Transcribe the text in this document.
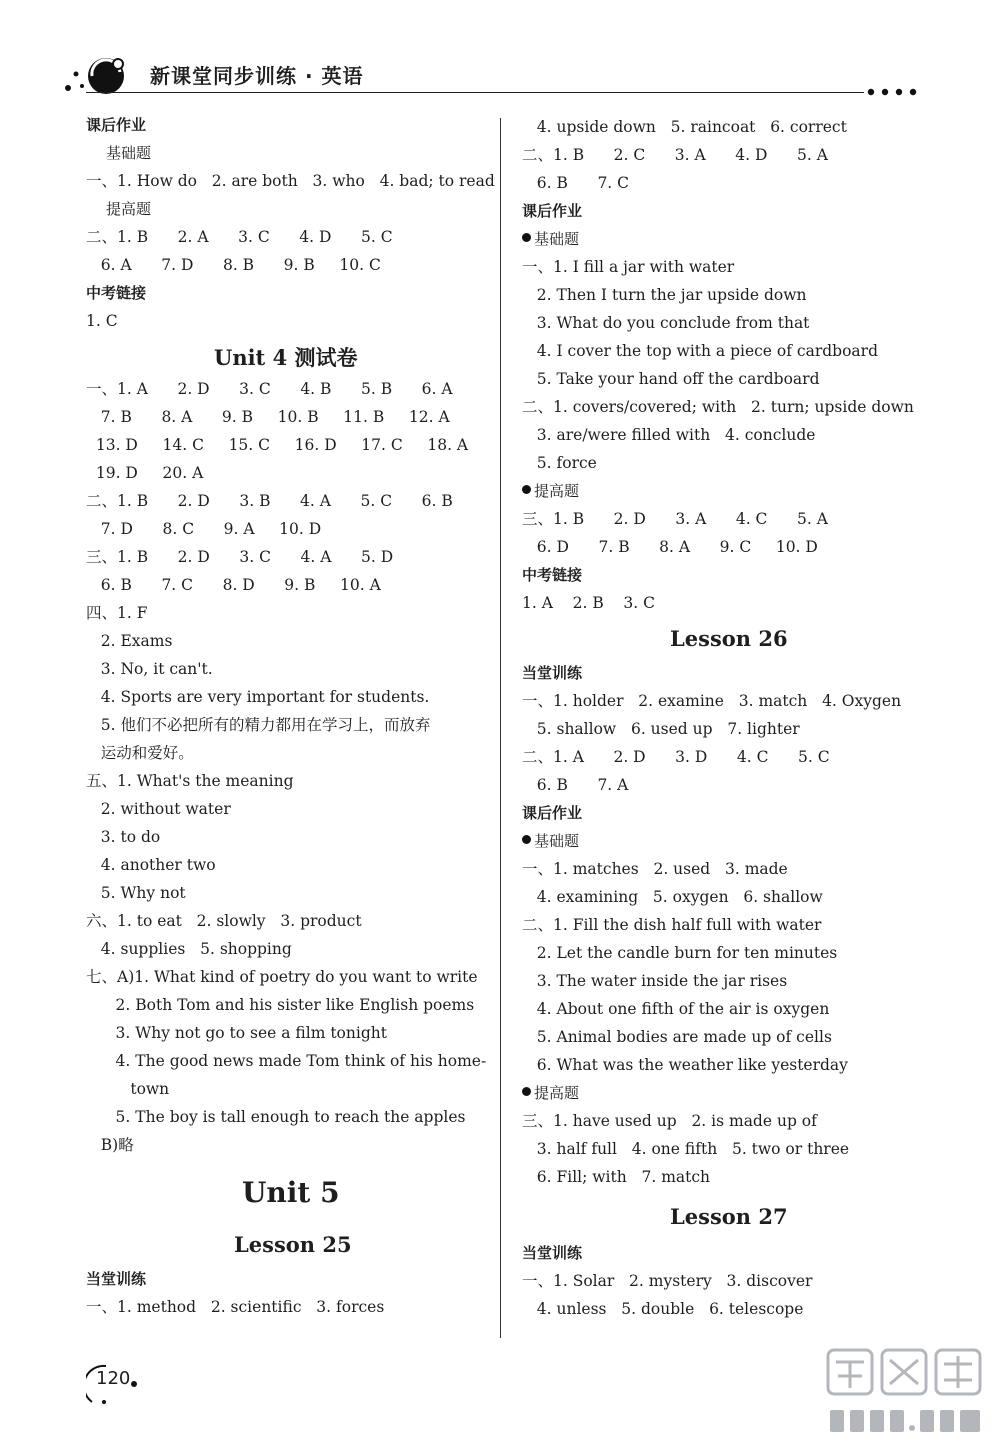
新课堂同步训练 · 英语
课后作业
基础题
一、1. How do   2. are both   3. who   4. bad; to read
提高题
二、1. B      2. A      3. C      4. D      5. C
6. A      7. D      8. B      9. B     10. C
中考链接
1. C
Unit 4 测试卷
一、1. A      2. D      3. C      4. B      5. B      6. A
7. B      8. A      9. B     10. B     11. B     12. A
13. D     14. C     15. C     16. D     17. C     18. A
19. D     20. A
二、1. B      2. D      3. B      4. A      5. C      6. B
7. D      8. C      9. A     10. D
三、1. B      2. D      3. C      4. A      5. D
6. B      7. C      8. D      9. B     10. A
四、1. F
2. Exams
3. No, it can't.
4. Sports are very important for students.
5. 他们不必把所有的精力都用在学习上，而放弃
运动和爱好。
五、1. What's the meaning
2. without water
3. to do
4. another two
5. Why not
六、1. to eat   2. slowly   3. product
4. supplies   5. shopping
七、A)1. What kind of poetry do you want to write
2. Both Tom and his sister like English poems
3. Why not go to see a film tonight
4. The good news made Tom think of his home-
town
5. The boy is tall enough to reach the apples
B)略
Unit 5
Lesson 25
当堂训练
一、1. method   2. scientific   3. forces
4. upside down   5. raincoat   6. correct
二、1. B      2. C      3. A      4. D      5. A
6. B      7. C
课后作业
基础题
一、1. I fill a jar with water
2. Then I turn the jar upside down
3. What do you conclude from that
4. I cover the top with a piece of cardboard
5. Take your hand off the cardboard
二、1. covers/covered; with   2. turn; upside down
3. are/were filled with   4. conclude
5. force
提高题
三、1. B      2. D      3. A      4. C      5. A
6. D      7. B      8. A      9. C     10. D
中考链接
1. A    2. B    3. C
Lesson 26
当堂训练
一、1. holder   2. examine   3. match   4. Oxygen
5. shallow   6. used up   7. lighter
二、1. A      2. D      3. D      4. C      5. C
6. B      7. A
课后作业
基础题
一、1. matches   2. used   3. made
4. examining   5. oxygen   6. shallow
二、1. Fill the dish half full with water
2. Let the candle burn for ten minutes
3. The water inside the jar rises
4. About one fifth of the air is oxygen
5. Animal bodies are made up of cells
6. What was the weather like yesterday
提高题
三、1. have used up   2. is made up of
3. half full   4. one fifth   5. two or three
6. Fill; with   7. match
Lesson 27
当堂训练
一、1. Solar   2. mystery   3. discover
4. unless   5. double   6. telescope
120
